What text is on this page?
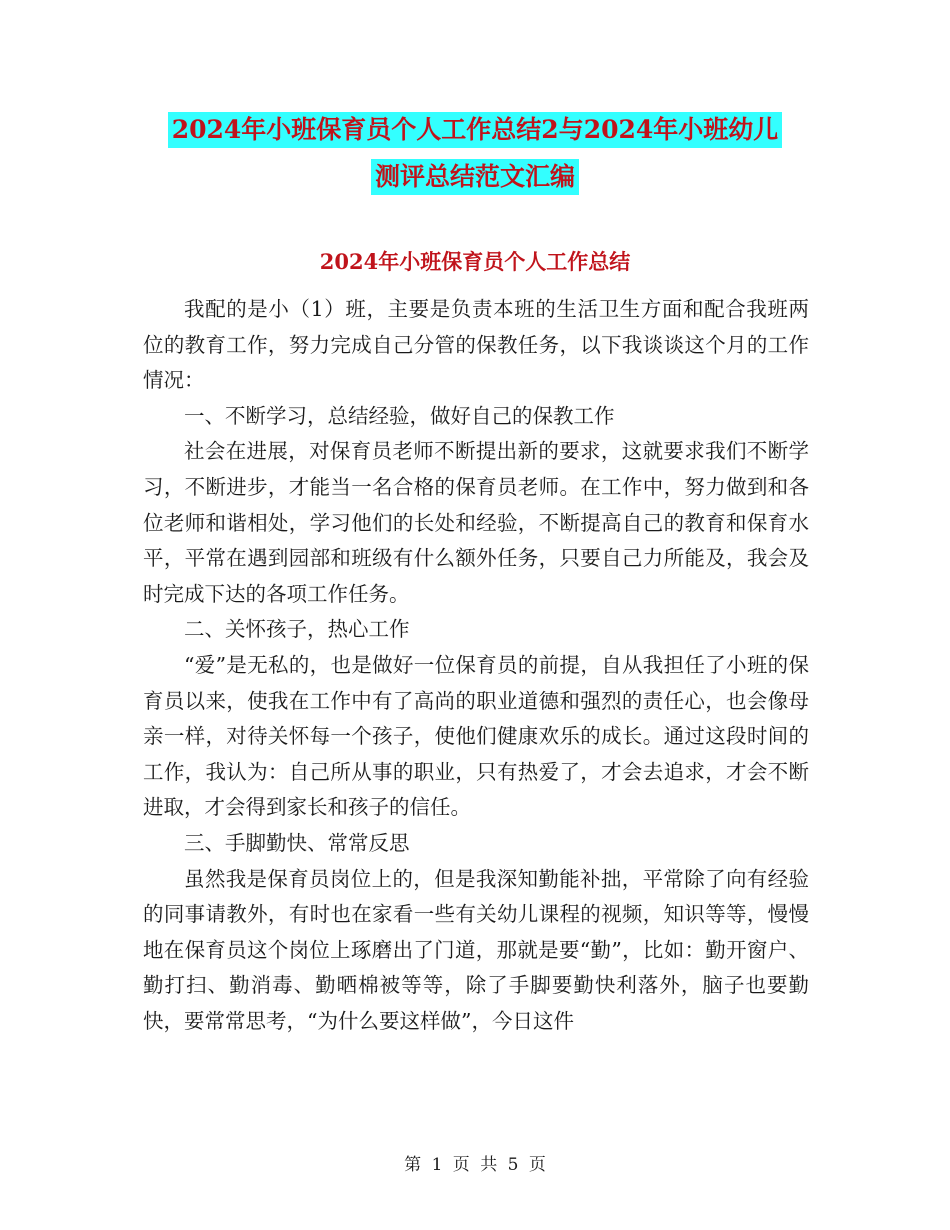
2024年小班保育员个人工作总结2与2024年小班幼儿
测评总结范文汇编
2024年小班保育员个人工作总结

我配的是小（1）班，主要是负责本班的生活卫生方面和配合我班两位的教育工作，努力完成自己分管的保教任务，以下我谈谈这个月的工作情况：

一、不断学习，总结经验，做好自己的保教工作

社会在进展，对保育员老师不断提出新的要求，这就要求我们不断学习，不断进步，才能当一名合格的保育员老师。在工作中，努力做到和各位老师和谐相处，学习他们的长处和经验，不断提高自己的教育和保育水平，平常在遇到园部和班级有什么额外任务，只要自己力所能及，我会及时完成下达的各项工作任务。

二、关怀孩子，热心工作

“爱”是无私的，也是做好一位保育员的前提，自从我担任了小班的保育员以来，使我在工作中有了高尚的职业道德和强烈的责任心，也会像母亲一样，对待关怀每一个孩子，使他们健康欢乐的成长。通过这段时间的工作，我认为：自己所从事的职业，只有热爱了，才会去追求，才会不断进取，才会得到家长和孩子的信任。

三、手脚勤快、常常反思

虽然我是保育员岗位上的，但是我深知勤能补拙，平常除了向有经验的同事请教外，有时也在家看一些有关幼儿课程的视频，知识等等，慢慢地在保育员这个岗位上琢磨出了门道，那就是要“勤”，比如：勤开窗户、勤打扫、勤消毒、勤晒棉被等等，除了手脚要勤快利落外，脑子也要勤快，要常常思考，“为什么要这样做”，今日这件

第 1 页 共 5 页
